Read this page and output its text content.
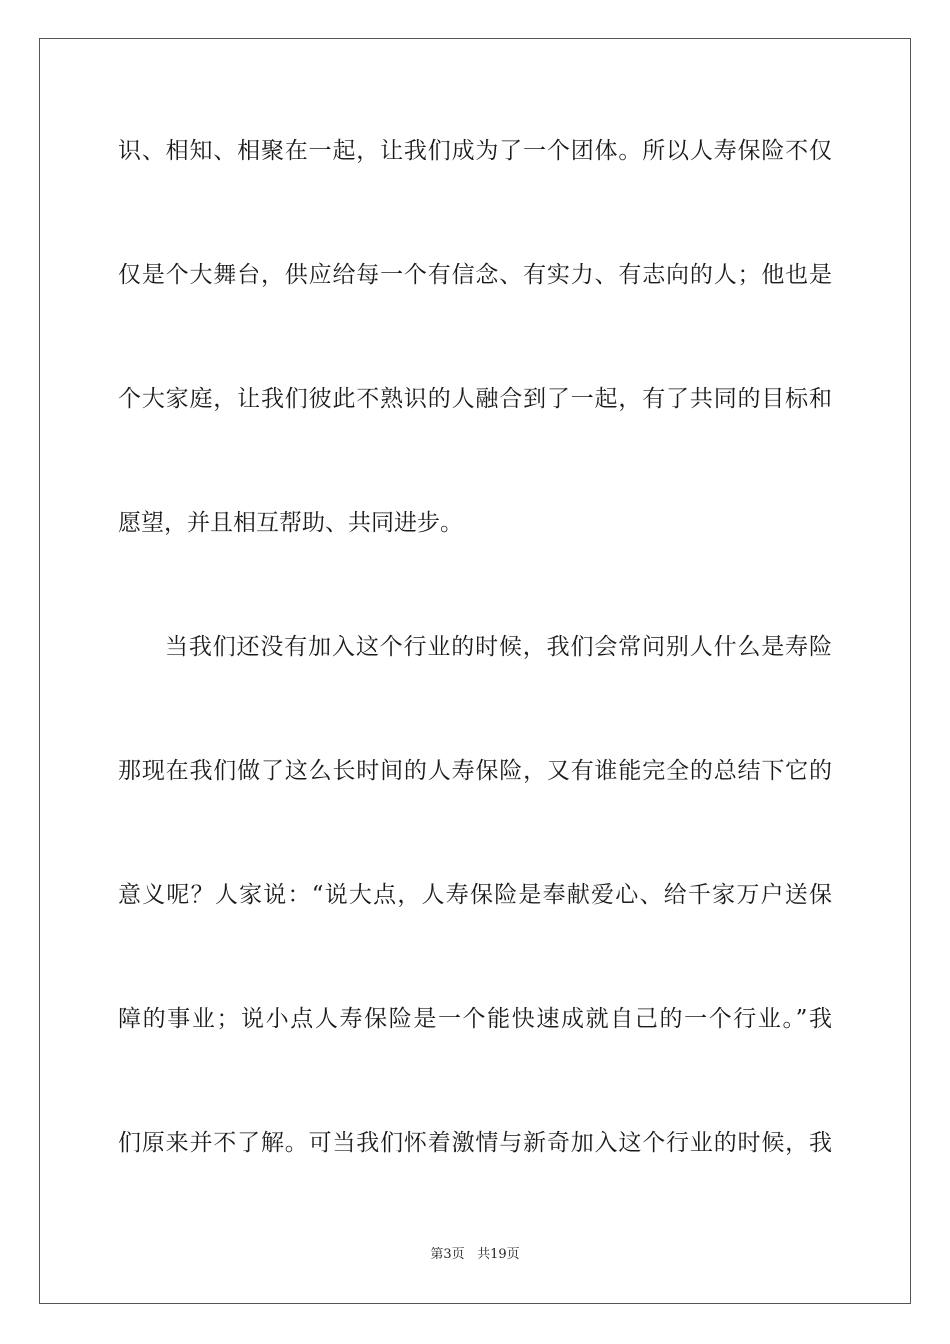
识、相知、相聚在一起，让我们成为了一个团体。所以人寿保险不仅
仅是个大舞台，供应给每一个有信念、有实力、有志向的人；他也是
个大家庭，让我们彼此不熟识的人融合到了一起，有了共同的目标和
愿望，并且相互帮助、共同进步。
当我们还没有加入这个行业的时候，我们会常问别人什么是寿险
那现在我们做了这么长时间的人寿保险，又有谁能完全的总结下它的
意义呢？人家说：“说大点，人寿保险是奉献爱心、给千家万户送保
障的事业；说小点人寿保险是一个能快速成就自己的一个行业。”我
们原来并不了解。可当我们怀着激情与新奇加入这个行业的时候，我
第3页 共19页
